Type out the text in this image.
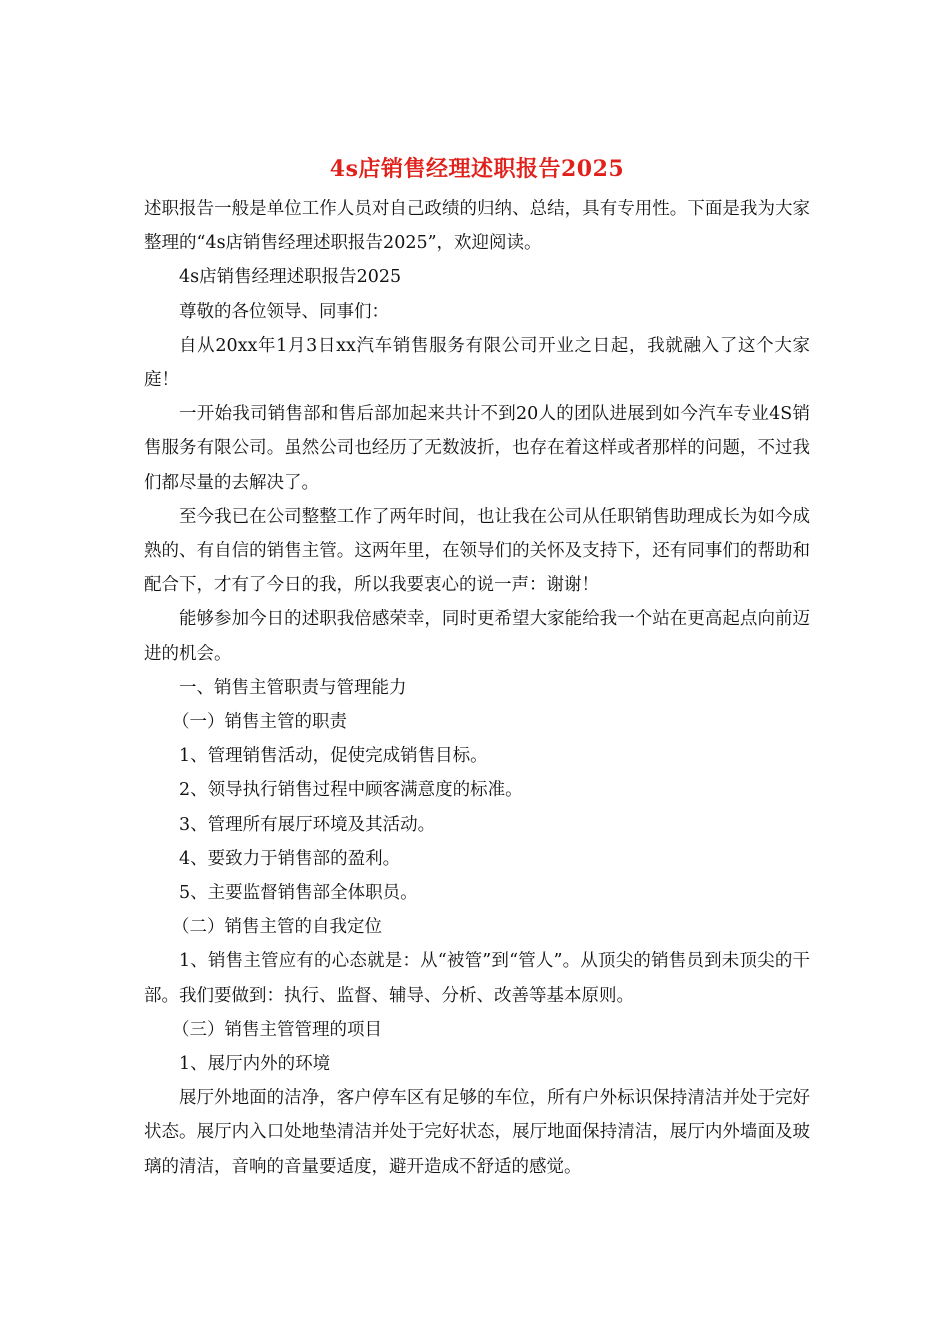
4s店销售经理述职报告2025

述职报告一般是单位工作人员对自己政绩的归纳、总结，具有专用性。下面是我为大家整理的“4s店销售经理述职报告2025”，欢迎阅读。

4s店销售经理述职报告2025

尊敬的各位领导、同事们：

自从20xx年1月3日xx汽车销售服务有限公司开业之日起，我就融入了这个大家庭！

一开始我司销售部和售后部加起来共计不到20人的团队进展到如今汽车专业4S销售服务有限公司。虽然公司也经历了无数波折，也存在着这样或者那样的问题，不过我们都尽量的去解决了。

至今我已在公司整整工作了两年时间，也让我在公司从任职销售助理成长为如今成熟的、有自信的销售主管。这两年里，在领导们的关怀及支持下，还有同事们的帮助和配合下，才有了今日的我，所以我要衷心的说一声：谢谢！

能够参加今日的述职我倍感荣幸，同时更希望大家能给我一个站在更高起点向前迈进的机会。

一、销售主管职责与管理能力

（一）销售主管的职责

1、管理销售活动，促使完成销售目标。

2、领导执行销售过程中顾客满意度的标准。

3、管理所有展厅环境及其活动。

4、要致力于销售部的盈利。

5、主要监督销售部全体职员。

（二）销售主管的自我定位

1、销售主管应有的心态就是：从“被管”到“管人”。从顶尖的销售员到未顶尖的干部。我们要做到：执行、监督、辅导、分析、改善等基本原则。

（三）销售主管管理的项目

1、展厅内外的环境

展厅外地面的洁净，客户停车区有足够的车位，所有户外标识保持清洁并处于完好状态。展厅内入口处地垫清洁并处于完好状态，展厅地面保持清洁，展厅内外墙面及玻璃的清洁，音响的音量要适度，避开造成不舒适的感觉。
